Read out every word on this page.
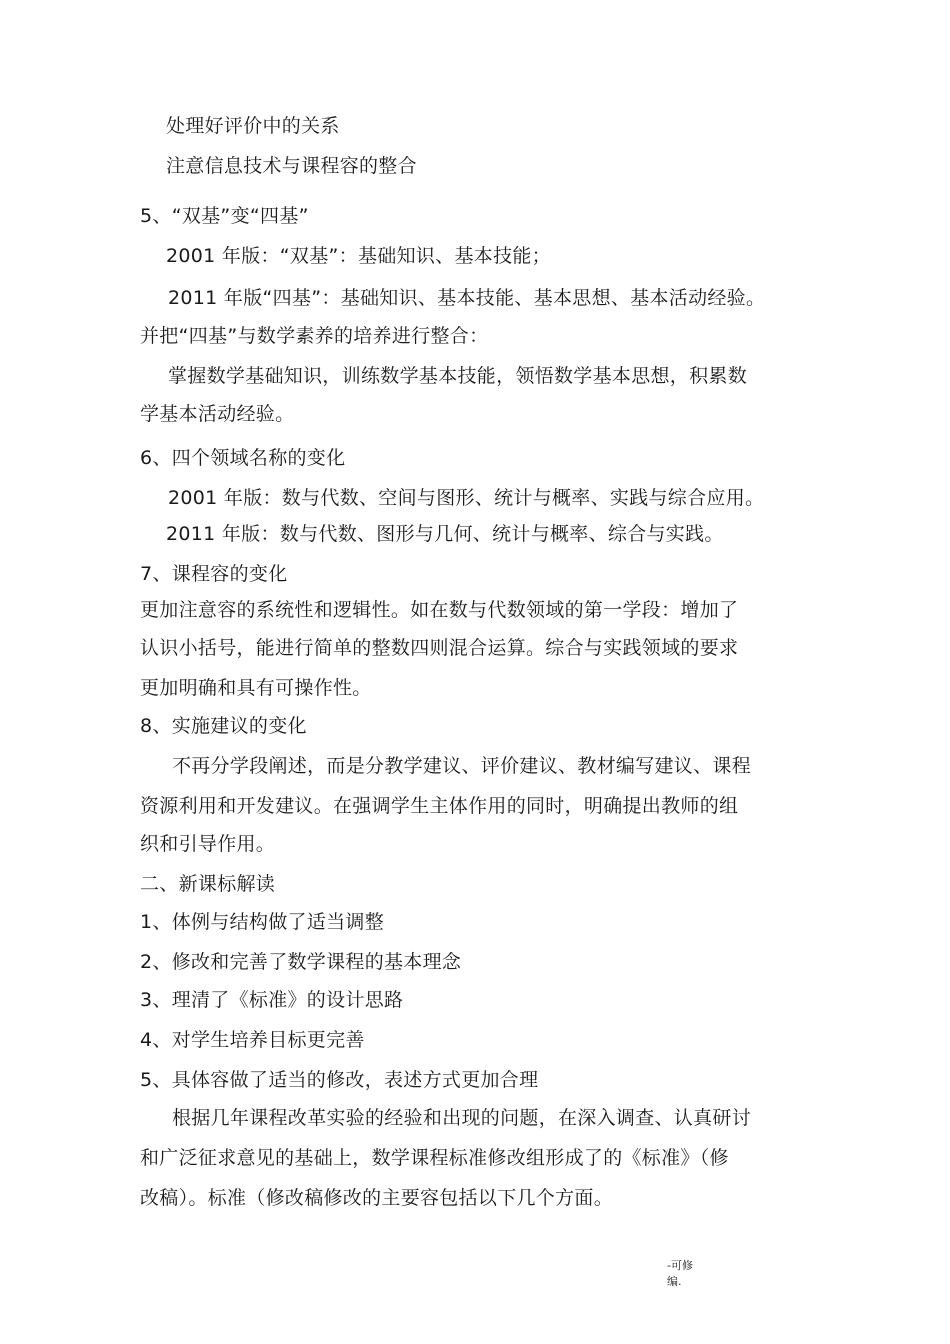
处理好评价中的关系
注意信息技术与课程容的整合
5、“双基”变“四基”
2001 年版：“双基”：基础知识、基本技能；
2011 年版“四基”：基础知识、基本技能、基本思想、基本活动经验。
并把“四基”与数学素养的培养进行整合：
掌握数学基础知识，训练数学基本技能，领悟数学基本思想，积累数
学基本活动经验。
6、四个领域名称的变化
2001 年版：数与代数、空间与图形、统计与概率、实践与综合应用。
2011 年版：数与代数、图形与几何、统计与概率、综合与实践。
7、课程容的变化
更加注意容的系统性和逻辑性。如在数与代数领域的第一学段：增加了
认识小括号，能进行简单的整数四则混合运算。综合与实践领域的要求
更加明确和具有可操作性。
8、实施建议的变化
不再分学段阐述，而是分教学建议、评价建议、教材编写建议、课程
资源利用和开发建议。在强调学生主体作用的同时，明确提出教师的组
织和引导作用。
二、新课标解读
1、体例与结构做了适当调整
2、修改和完善了数学课程的基本理念
3、理清了《标准》的设计思路
4、对学生培养目标更完善
5、具体容做了适当的修改，表述方式更加合理
根据几年课程改革实验的经验和出现的问题，在深入调查、认真研讨
和广泛征求意见的基础上，数学课程标准修改组形成了的《标准》（修
改稿）。标准（修改稿修改的主要容包括以下几个方面。
-可修
编.
